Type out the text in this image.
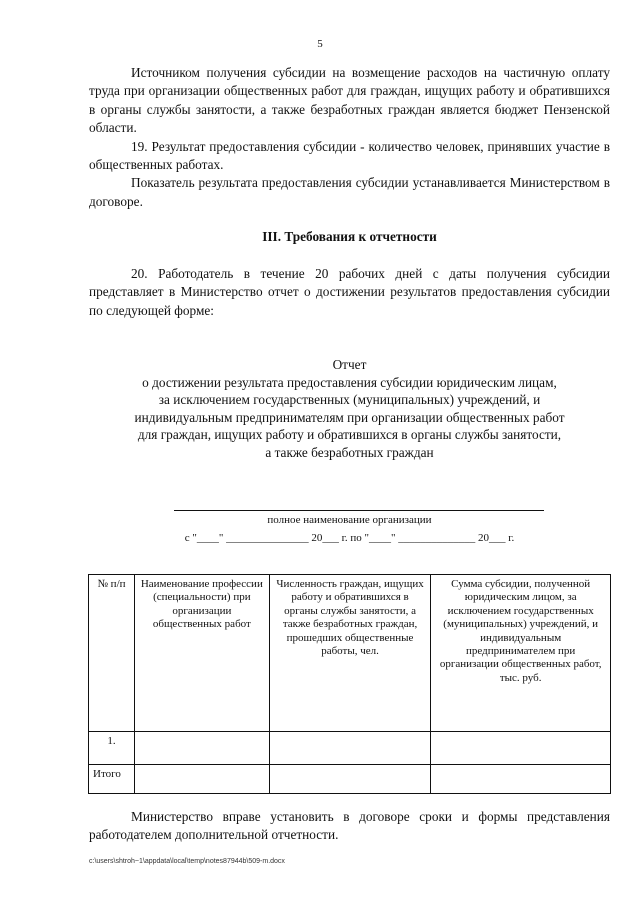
5

Источником получения субсидии на возмещение расходов на частичную оплату труда при организации общественных работ для граждан, ищущих работу и обратившихся в органы службы занятости, а также безработных граждан является бюджет Пензенской области.

19. Результат предоставления субсидии - количество человек, принявших участие в общественных работах.

Показатель результата предоставления субсидии устанавливается Министерством в договоре.

III. Требования к отчетности

20. Работодатель в течение 20 рабочих дней с даты получения субсидии представляет в Министерство отчет о достижении результатов предоставления субсидии по следующей форме:

Отчет
о достижении результата предоставления субсидии юридическим лицам,
за исключением государственных (муниципальных) учреждений, и
индивидуальным предпринимателям при организации общественных работ
для граждан, ищущих работу и обратившихся в органы службы занятости,
а также безработных граждан
полное наименование организации
с "____" _______________ 20___ г. по "____" ______________ 20___ г.
№ п/п	Наименование профессии (специальности) при организации общественных работ	Численность граждан, ищущих работу и обратившихся в органы службы занятости, а также безработных граждан, прошедших общественные работы, чел.	Сумма субсидии, полученной юридическим лицом, за исключением государственных (муниципальных) учреждений, и индивидуальным предпринимателем при организации общественных работ, тыс. руб.
1.			
Итого			

Министерство вправе установить в договоре сроки и формы представления работодателем дополнительной отчетности.

c:\users\shtroh~1\appdata\local\temp\notes87944b\509-m.docx
